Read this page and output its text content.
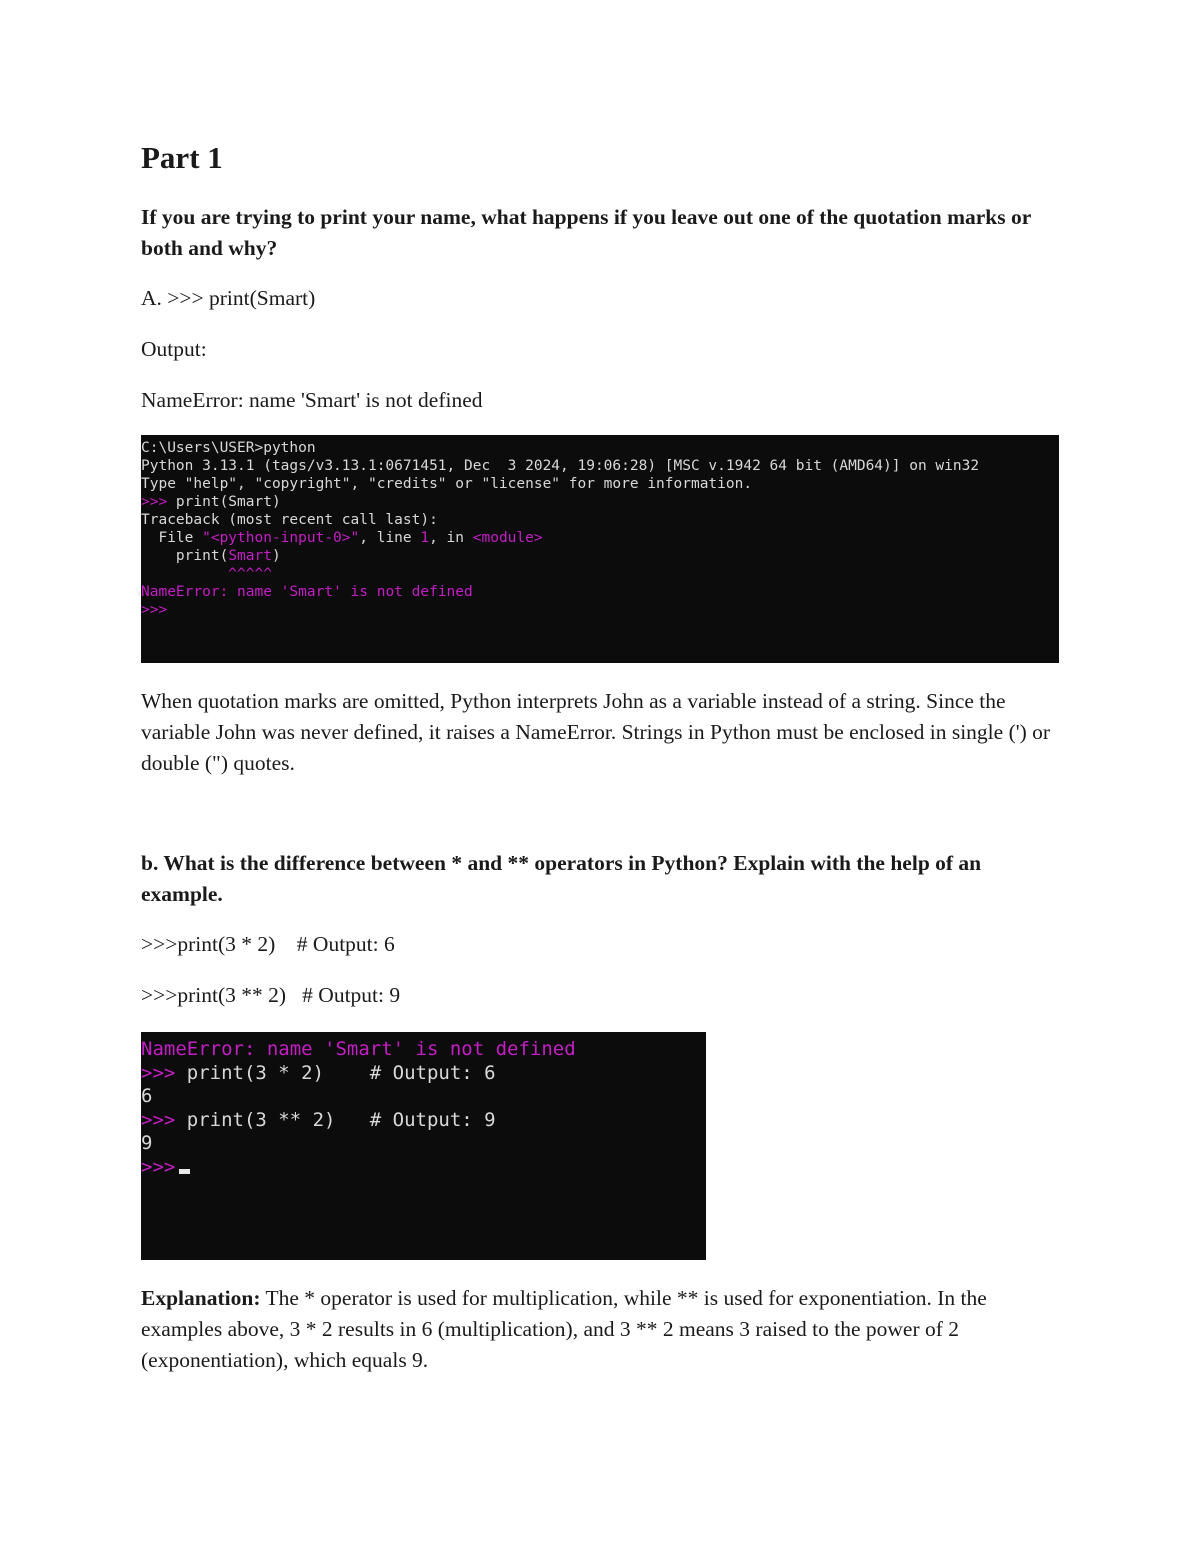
Part 1

If you are trying to print your name, what happens if you leave out one of the quotation marks or both and why?

A. >>> print(Smart)

Output:

NameError: name 'Smart' is not defined

C:\Users\USER>python
Python 3.13.1 (tags/v3.13.1:0671451, Dec  3 2024, 19:06:28) [MSC v.1942 64 bit (AMD64)] on win32
Type "help", "copyright", "credits" or "license" for more information.
>>> print(Smart)
Traceback (most recent call last):
File "<python-input-0>", line 1, in <module>
print(Smart)
^^^^^
NameError: name 'Smart' is not defined
>>>

When quotation marks are omitted, Python interprets John as a variable instead of a string. Since the variable John was never defined, it raises a NameError. Strings in Python must be enclosed in single (') or double (") quotes.

b. What is the difference between * and ** operators in Python? Explain with the help of an example.

>>>print(3 * 2)    # Output: 6

>>>print(3 ** 2)   # Output: 9

NameError: name 'Smart' is not defined
>>> print(3 * 2)    # Output: 6
6
>>> print(3 ** 2)   # Output: 9
9
>>>

Explanation: The * operator is used for multiplication, while ** is used for exponentiation. In the examples above, 3 * 2 results in 6 (multiplication), and 3 ** 2 means 3 raised to the power of 2 (exponentiation), which equals 9.
